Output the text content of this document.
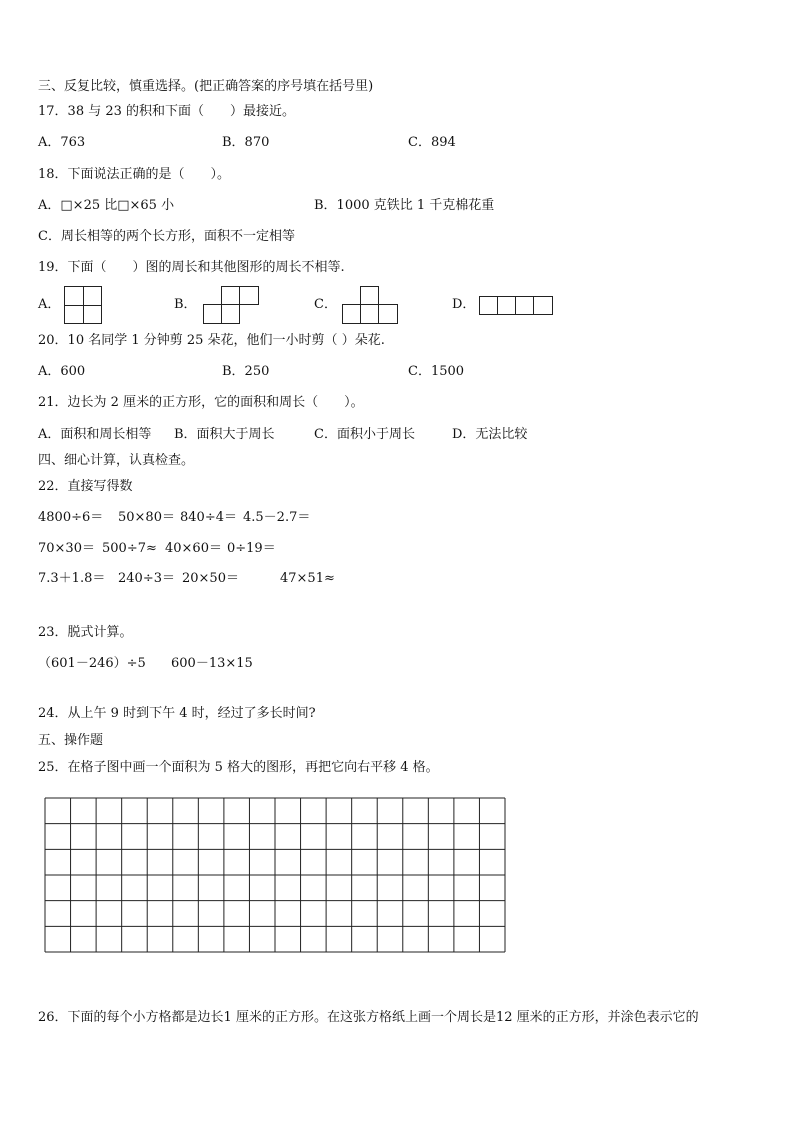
三、反复比较，慎重选择。(把正确答案的序号填在括号里)
17．38 与 23 的积和下面（　　）最接近。
A．763	B．870	C．894
18．下面说法正确的是（　　）。
A．□×25 比□×65 小	B．1000 克铁比 1 千克棉花重
C．周长相等的两个长方形，面积不一定相等
19．下面（　　）图的周长和其他图形的周长不相等.
A．	B．	C．	D．
20．10 名同学 1 分钟剪 25 朵花，他们一小时剪（ ）朵花.
A．600	B．250	C．1500
21．边长为 2 厘米的正方形，它的面积和周长（　　）。
A．面积和周长相等 B．面积大于周长	C．面积小于周长	D．无法比较
四、细心计算，认真检查。
22．直接写得数
4800÷6＝ 50×80＝ 840÷4＝ 4.5－2.7＝
70×30＝ 500÷7≈ 40×60＝ 0÷19＝
7.3＋1.8＝ 240÷3＝ 20×50＝	47×51≈
23．脱式计算。
（601－246）÷5 600－13×15
24．从上午 9 时到下午 4 时，经过了多长时间?
五、操作题
25．在格子图中画一个面积为 5 格大的图形，再把它向右平移 4 格。
26．下面的每个小方格都是边长1 厘米的正方形。在这张方格纸上画一个周长是12 厘米的正方形，并涂色表示它的
